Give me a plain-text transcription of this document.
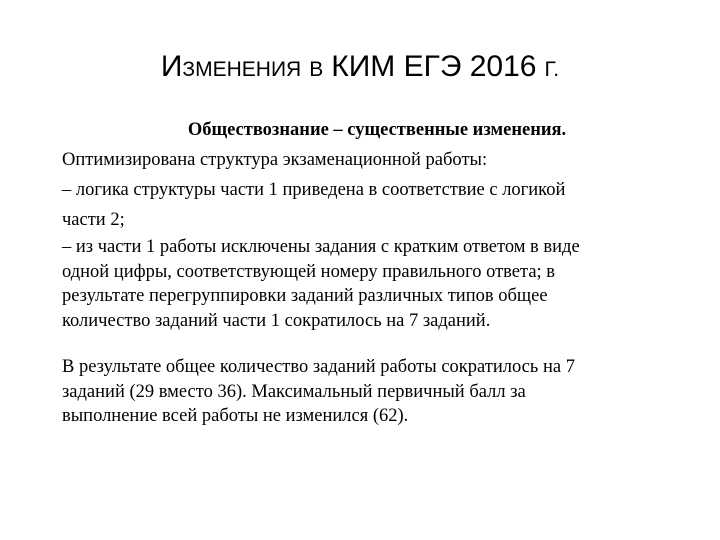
ИЗМЕНЕНИЯ В КИМ ЕГЭ 2016 Г.

Обществознание – существенные изменения.

Оптимизирована структура экзаменационной работы:

– логика структуры части 1 приведена в соответствие с логикой

части 2;

– из части 1 работы исключены задания с кратким ответом в виде
одной цифры, соответствующей номеру правильного ответа; в
результате перегруппировки заданий различных типов общее
количество заданий части 1 сократилось на 7 заданий.
В результате общее количество заданий работы сократилось на 7
заданий (29 вместо 36). Максимальный первичный балл за
выполнение всей работы не изменился (62).
